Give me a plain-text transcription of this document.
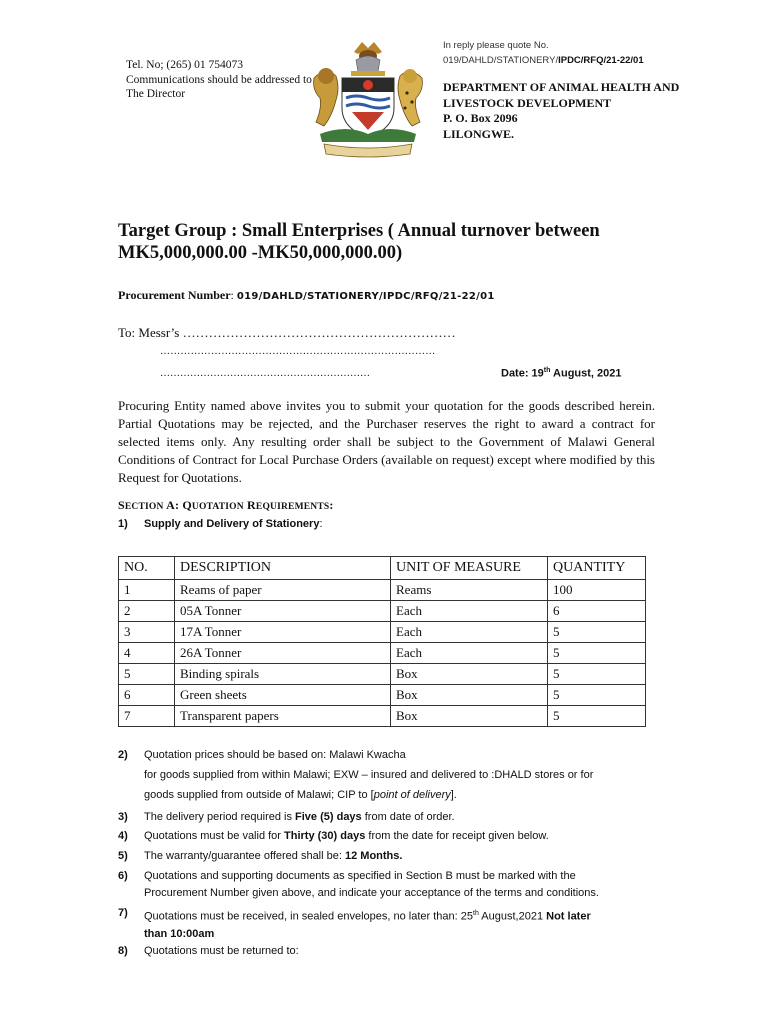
Tel. No; (265) 01 754073
Communications should be addressed to
The Director
In reply please quote No.
019/DAHLD/STATIONERY/IPDC/RFQ/21-22/01
DEPARTMENT OF ANIMAL HEALTH AND
LIVESTOCK DEVELOPMENT
P. O. Box 2096
LILONGWE.
Target Group : Small Enterprises ( Annual turnover between
MK5,000,000.00 -MK50,000,000.00)
Procurement Number: 019/DAHLD/STATIONERY/IPDC/RFQ/21-22/01
To: Messr’s ………………………………………………………
………………………………………………………………………
………………………………………………………	Date: 19th August, 2021
Procuring Entity named above invites you to submit your quotation for the goods described herein. Partial Quotations may be rejected, and the Purchaser reserves the right to award a contract for selected items only. Any resulting order shall be subject to the Government of Malawi General Conditions of Contract for Local Purchase Orders (available on request) except where modified by this Request for Quotations.
SECTION A: QUOTATION REQUIREMENTS:
1) Supply and Delivery of Stationery:
NO.	DESCRIPTION	UNIT OF MEASURE	QUANTITY
1	Reams of paper	Reams	100
2	05A Tonner	Each	6
3	17A Tonner	Each	5
4	26A Tonner	Each	5
5	Binding spirals	Box	5
6	Green sheets	Box	5
7	Transparent papers	Box	5
2) Quotation prices should be based on: Malawi Kwacha
for goods supplied from within Malawi; EXW – insured and delivered to :DHALD stores or for
goods supplied from outside of Malawi; CIP to [point of delivery].
3) The delivery period required is Five (5) days from date of order.
4) Quotations must be valid for Thirty (30) days from the date for receipt given below.
5) The warranty/guarantee offered shall be: 12 Months.
6) Quotations and supporting documents as specified in Section B must be marked with the
Procurement Number given above, and indicate your acceptance of the terms and conditions.
7) Quotations must be received, in sealed envelopes, no later than: 25th August,2021 Not later
than 10:00am
8) Quotations must be returned to:
